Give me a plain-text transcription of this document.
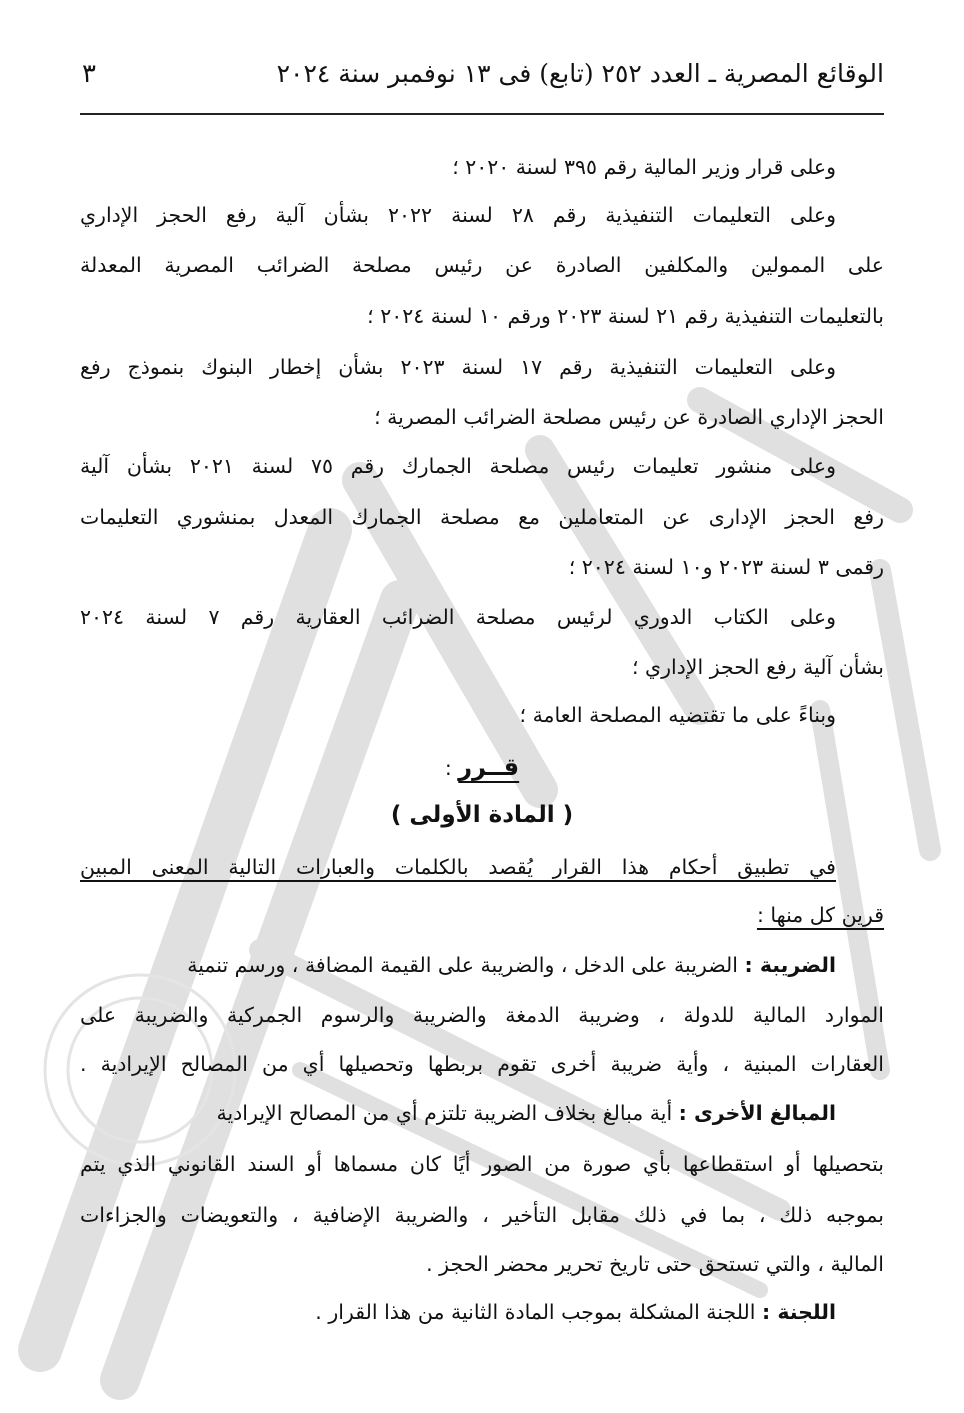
الوقائع المصرية ـ العدد ٢٥٢ (تابع) فى ١٣ نوفمبر سنة ٢٠٢٤
٣
وعلى قرار وزير المالية رقم ٣٩٥ لسنة ٢٠٢٠ ؛
وعلى التعليمات التنفيذية رقم ٢٨ لسنة ٢٠٢٢ بشأن آلية رفع الحجز الإداري
على الممولين والمكلفين الصادرة عن رئيس مصلحة الضرائب المصرية المعدلة
بالتعليمات التنفيذية رقم ٢١ لسنة ٢٠٢٣ ورقم ١٠ لسنة ٢٠٢٤ ؛
وعلى التعليمات التنفيذية رقم ١٧ لسنة ٢٠٢٣ بشأن إخطار البنوك بنموذج رفع
الحجز الإداري الصادرة عن رئيس مصلحة الضرائب المصرية ؛
وعلى منشور تعليمات رئيس مصلحة الجمارك رقم ٧٥ لسنة ٢٠٢١ بشأن آلية
رفع الحجز الإدارى عن المتعاملين مع مصلحة الجمارك المعدل بمنشوري التعليمات
رقمى ٣ لسنة ٢٠٢٣ و١٠ لسنة ٢٠٢٤ ؛
وعلى الكتاب الدوري لرئيس مصلحة الضرائب العقارية رقم ٧ لسنة ٢٠٢٤
بشأن آلية رفع الحجز الإداري ؛
وبناءً على ما تقتضيه المصلحة العامة ؛
قــرر :
( المادة الأولى )
في تطبيق أحكام هذا القرار يُقصد بالكلمات والعبارات التالية المعنى المبين
قرين كل منها :
الضريبة : الضريبة على الدخل ، والضريبة على القيمة المضافة ، ورسم تنمية
الموارد المالية للدولة ، وضريبة الدمغة والضريبة والرسوم الجمركية والضريبة على
العقارات المبنية ، وأية ضريبة أخرى تقوم بربطها وتحصيلها أي من المصالح الإيرادية .
المبالغ الأخرى : أية مبالغ بخلاف الضريبة تلتزم أي من المصالح الإيرادية
بتحصيلها أو استقطاعها بأي صورة من الصور أيًا كان مسماها أو السند القانوني الذي يتم
بموجبه ذلك ، بما في ذلك مقابل التأخير ، والضريبة الإضافية ، والتعويضات والجزاءات
المالية ، والتي تستحق حتى تاريخ تحرير محضر الحجز .
اللجنة : اللجنة المشكلة بموجب المادة الثانية من هذا القرار .
